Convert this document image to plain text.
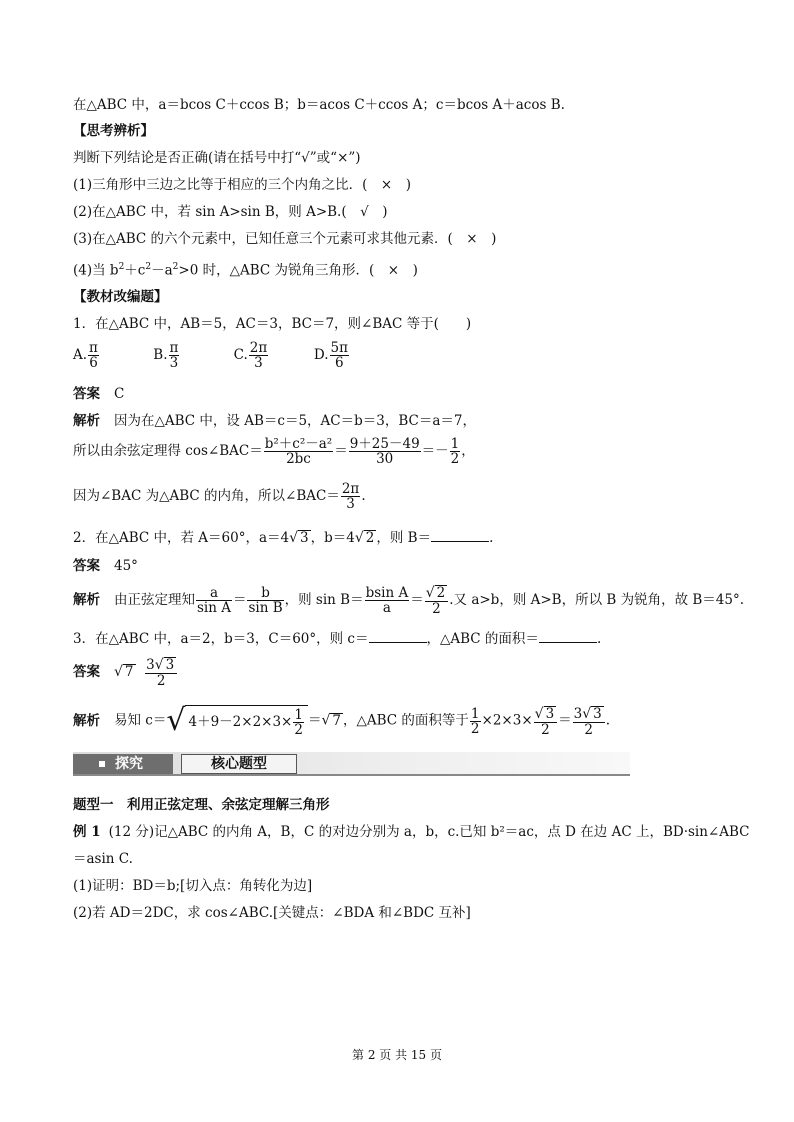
在△ABC 中，a＝bcos C＋ccos B；b＝acos C＋ccos A；c＝bcos A＋acos B.
【思考辨析】
判断下列结论是否正确(请在括号中打“√”或“×”)
(1)三角形中三边之比等于相应的三个内角之比．(　×　)
(2)在△ABC 中，若 sin A>sin B，则 A>B.(　√　)
(3)在△ABC 的六个元素中，已知任意三个元素可求其他元素．(　×　)
(4)当 $b^2+c^2-a^2>0$ 时，△ABC 为锐角三角形．(　×　)
【教材改编题】
1．在△ABC 中，AB＝5，AC＝3，BC＝7，则∠BAC 等于(　　)
A. $\frac{\pi}{6}$	B. $\frac{\pi}{3}$	C. $\frac{2\pi}{3}$	D. $\frac{5\pi}{6}$
答案 C
解析 因为在△ABC 中，设 AB＝c＝5，AC＝b＝3，BC＝a＝7，
所以由余弦定理得 cos∠BAC＝ $\frac{\text{b²＋c²－a²}}{2bc} = \frac{9+25-49}{30} =- \frac{1}{2}$ ，
因为∠BAC 为△ABC 的内角，所以∠BAC＝ $\frac{2\pi}{3}$ .
2．在△ABC 中，若 A＝60°，a＝4√ 3 ，b＝4√ 2 ，则 B＝	.
答案 45°
解析 由正弦定理知 $\frac{a}{\text{sin A}} = \frac{b}{\text{sin B}}$ ，则 $\sin B= \frac{\text{bsin A}}{a} = \frac{√ 2}{2}$ .又 a>b，则 A>B，所以 B 为锐角，故 B＝45°.
3．在△ABC 中，a＝2，b＝3，C＝60°，则 c＝	，△ABC 的面积＝	.
答案 √ $7 \frac{3√ 3}{2}$
解析 易知 c＝√ $4+9-2\times 2\times 3\times \frac{1}{2}$ ＝√ 7 ，△ABC 的面积等于 $\frac{1}{2} \times 2\times 3\times \frac{√ 3}{2} = \frac{3√ 3}{2}$ .
探究	核心题型
题型一　利用正弦定理、余弦定理解三角形
例 1 (12 分)记△ABC 的内角 A，B，C 的对边分别为 a，b，c.已知 b²＝ac，点 D 在边 AC 上，BD·sin∠ABC
＝asin C.
(1)证明：BD＝b;[切入点：角转化为边]
(2)若 AD＝2DC，求 cos∠ABC.[关键点：∠BDA 和∠BDC 互补]
第 2 页 共 15 页
